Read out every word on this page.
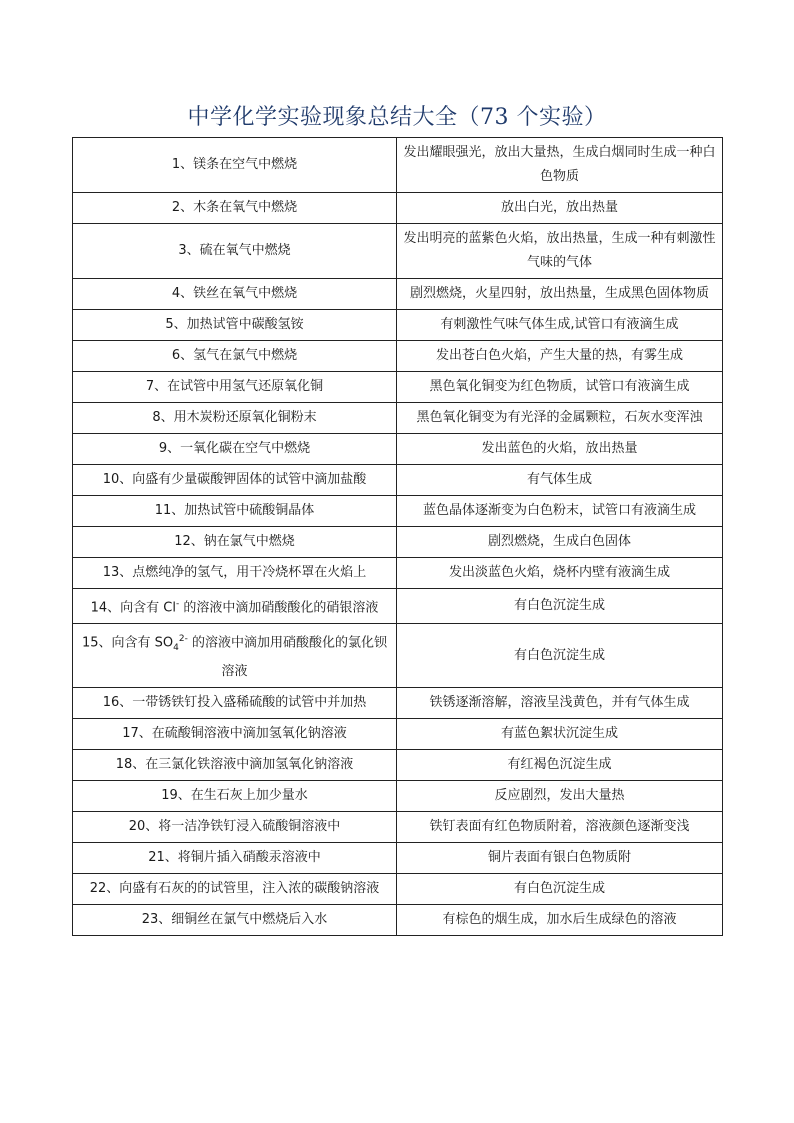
中学化学实验现象总结大全（73 个实验）
1、镁条在空气中燃烧	发出耀眼强光，放出大量热，生成白烟同时生成一种白色物质
2、木条在氧气中燃烧	放出白光，放出热量
3、硫在氧气中燃烧	发出明亮的蓝紫色火焰，放出热量，生成一种有刺激性气味的气体
4、铁丝在氧气中燃烧	剧烈燃烧，火星四射，放出热量，生成黑色固体物质
5、加热试管中碳酸氢铵	有刺激性气味气体生成,试管口有液滴生成
6、氢气在氯气中燃烧	发出苍白色火焰，产生大量的热，有雾生成
7、在试管中用氢气还原氧化铜	黑色氧化铜变为红色物质，试管口有液滴生成
8、用木炭粉还原氧化铜粉末	黑色氧化铜变为有光泽的金属颗粒，石灰水变浑浊
9、一氧化碳在空气中燃烧	发出蓝色的火焰，放出热量
10、向盛有少量碳酸钾固体的试管中滴加盐酸	有气体生成
11、加热试管中硫酸铜晶体	蓝色晶体逐渐变为白色粉末，试管口有液滴生成
12、钠在氯气中燃烧	剧烈燃烧，生成白色固体
13、点燃纯净的氢气，用干冷烧杯罩在火焰上	发出淡蓝色火焰，烧杯内壁有液滴生成
14、向含有 Cl- 的溶液中滴加硝酸酸化的硝银溶液	有白色沉淀生成
15、向含有 $SO_4^{2-}$ 的溶液中滴加用硝酸酸化的氯化钡溶液	有白色沉淀生成
16、一带锈铁钉投入盛稀硫酸的试管中并加热	铁锈逐渐溶解，溶液呈浅黄色，并有气体生成
17、在硫酸铜溶液中滴加氢氧化钠溶液	有蓝色絮状沉淀生成
18、在三氯化铁溶液中滴加氢氧化钠溶液	有红褐色沉淀生成
19、在生石灰上加少量水	反应剧烈，发出大量热
20、将一洁净铁钉浸入硫酸铜溶液中	铁钉表面有红色物质附着，溶液颜色逐渐变浅
21、将铜片插入硝酸汞溶液中	铜片表面有银白色物质附
22、向盛有石灰的的试管里，注入浓的碳酸钠溶液	有白色沉淀生成
23、细铜丝在氯气中燃烧后入水	有棕色的烟生成，加水后生成绿色的溶液
